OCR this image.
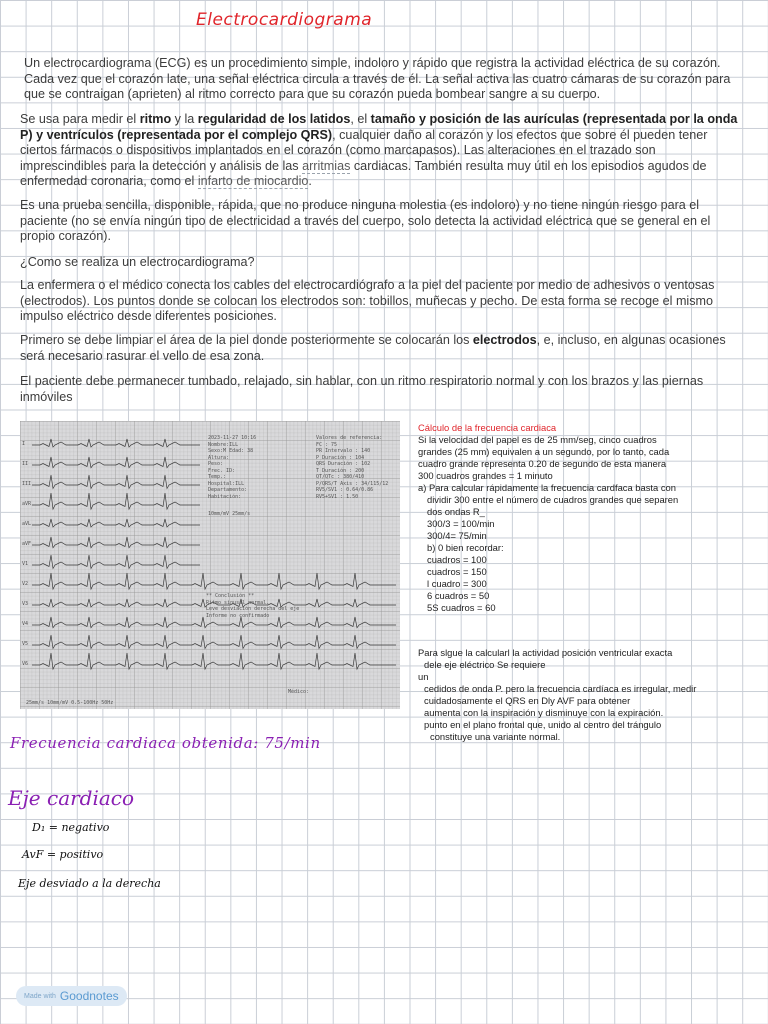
Electrocardiograma

Un electrocardiograma (ECG) es un procedimiento simple, indoloro y rápido que registra la actividad eléctrica de su corazón. Cada vez que el corazón late, una señal eléctrica circula a través de él. La señal activa las cuatro cámaras de su corazón para que se contraigan (aprieten) al ritmo correcto para que su corazón pueda bombear sangre a su cuerpo.

Se usa para medir el ritmo y la regularidad de los latidos, el tamaño y posición de las aurículas (representada por la onda P) y ventrículos (representada por el complejo QRS), cualquier daño al corazón y los efectos que sobre él pueden tener ciertos fármacos o dispositivos implantados en el corazón (como marcapasos). Las alteraciones en el trazado son imprescindibles para la detección y análisis de las arritmias cardiacas. También resulta muy útil en los episodios agudos de enfermedad coronaria, como el infarto de miocardio.

Es una prueba sencilla, disponible, rápida, que no produce ninguna molestia (es indoloro) y no tiene ningún riesgo para el paciente (no se envía ningún tipo de electricidad a través del cuerpo, solo detecta la actividad eléctrica que se general en el propio corazón).

¿Como se realiza un electrocardiograma?

La enfermera o el médico conecta los cables del electrocardiógrafo a la piel del paciente por medio de adhesivos o ventosas (electrodos). Los puntos donde se colocan los electrodos son: tobillos, muñecas y pecho. De esta forma se recoge el mismo impulso eléctrico desde diferentes posiciones.

Primero se debe limpiar el área de la piel donde posteriormente se colocarán los electrodos, e, incluso, en algunas ocasiones será necesario rasurar el vello de esa zona.

El paciente debe permanecer tumbado, relajado, sin hablar, con un ritmo respiratorio normal y con los brazos y las piernas inmóviles

2023-11-27 10:16
Nombre:ILL
Sexo:M Edad: 38
Altura:
Peso:
Frec. ID:
Temp.:
Hospital:ILL
Departamento:
Habitación:
Valores de referencia:
FC : 75
PR Intervalo : 140
P Duración : 104
QRS Duración : 102
T Duración : 200
QT/QTc : 380/410
P/QRS/T Axis : 34/115/12
RV5/SV1 : 0.64/0.86
RV5+SV1 : 1.50
10mm/mV 25mm/s
I
II
III
aVR
aVL
aVF
V1
V2
V3
V4
V5
V6
** Conclusión **
Ritmo sinusal normal.
Leve desviación derecha del eje
Informe no confirmado
Médico:
25mm/s 10mm/mV 0.5-100Hz 50Hz
Cálculo de la frecuencia cardiaca
Si la velocidad del papel es de 25 mm/seg, cinco cuadros
grandes (25 mm) equivalen a un segundo, por lo tanto, cada
cuadro grande representa 0.20 de segundo de esta manera
300 cuadros grandes = 1 minuto
a) Para calcular rápidamente la frecuencia cardfaca basta con
dividir 300 entre el número de cuadros grandes que separen
dos ondas R_
300/3 = 100/min
300/4= 75/min
b) 0 bien recordar:
cuadros = 100
cuadros = 150
l cuadro = 300
6 cuadros = 50
5S cuadros = 60
Para slgue la calcularl la actividad posición ventricular exacta
dele eje eléctrico Se requiere
un
cedidos de onda P. pero la frecuencia cardíaca es irregular, medir
cuidadosamente el QRS en Dly AVF para obtener
aumenta con la inspiración y disminuye con la expiración.
punto en el plano frontal que, unido al centro del trángulo
constituye una variante normal.
Frecuencia cardiaca obtenida: 75/min
Eje cardiaco
D₁ = negativo
AvF = positivo
Eje desviado a la derecha
Made with Goodnotes
